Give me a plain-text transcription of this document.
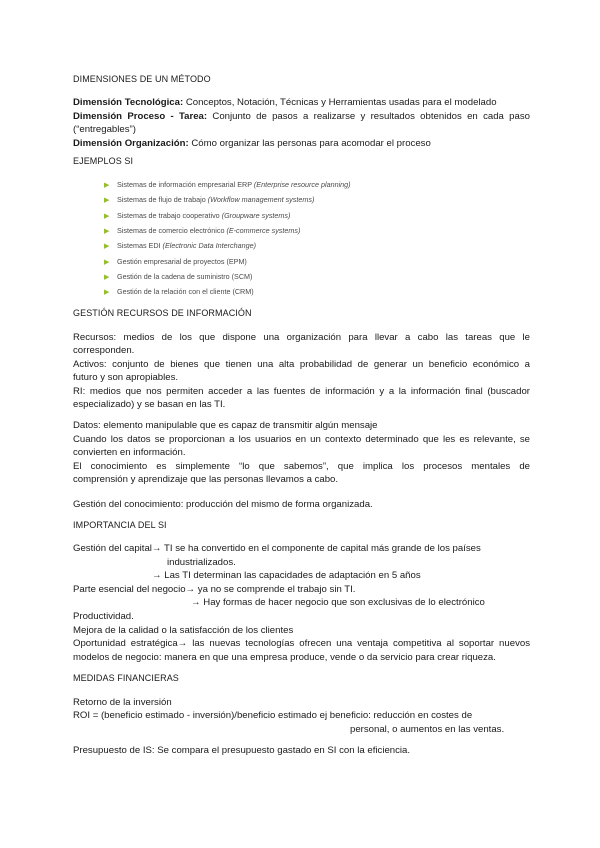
DIMENSIONES DE UN MÉTODO
Dimensión Tecnológica: Conceptos, Notación, Técnicas y Herramientas usadas para el modelado
Dimensión Proceso - Tarea: Conjunto de pasos a realizarse y resultados obtenidos en cada paso
(“entregables”)
Dimensión Organización: Cómo organizar las personas para acomodar el proceso
EJEMPLOS SI
▶ Sistemas de información empresarial ERP (Enterprise resource planning)
▶ Sistemas de flujo de trabajo (Workflow management systems)
▶ Sistemas de trabajo cooperativo (Groupware systems)
▶ Sistemas de comercio electrónico (E-commerce systems)
▶ Sistemas EDI (Electronic Data Interchange)
▶ Gestión empresarial de proyectos (EPM)
▶ Gestión de la cadena de suministro (SCM)
▶ Gestión de la relación con el cliente (CRM)
GESTIÓN RECURSOS DE INFORMACIÓN
Recursos: medios de los que dispone una organización para llevar a cabo las tareas que le
corresponden.
Activos: conjunto de bienes que tienen una alta probabilidad de generar un beneficio económico a
futuro y son apropiables.
RI: medios que nos permiten acceder a las fuentes de información y a la información final (buscador
especializado) y se basan en las TI.
Datos: elemento manipulable que es capaz de transmitir algún mensaje
Cuando los datos se proporcionan a los usuarios en un contexto determinado que les es relevante, se
convierten en información.
El conocimiento es simplemente “lo que sabemos”, que implica los procesos mentales de
comprensión y aprendizaje que las personas llevamos a cabo.
Gestión del conocimiento: producción del mismo de forma organizada.
IMPORTANCIA DEL SI
Gestión del capital→ TI se ha convertido en el componente de capital más grande de los países
industrializados.
→ Las TI determinan las capacidades de adaptación en 5 años
Parte esencial del negocio→ ya no se comprende el trabajo sin TI.
→ Hay formas de hacer negocio que son exclusivas de lo electrónico
Productividad.
Mejora de la calidad o la satisfacción de los clientes
Oportunidad estratégica→ las nuevas tecnologías ofrecen una ventaja competitiva al soportar nuevos
modelos de negocio: manera en que una empresa produce, vende o da servicio para crear riqueza.
MEDIDAS FINANCIERAS
Retorno de la inversión
ROI = (beneficio estimado - inversión)/beneficio estimado ej beneficio: reducción en costes de
personal, o aumentos en las ventas.
Presupuesto de IS: Se compara el presupuesto gastado en SI con la eficiencia.
